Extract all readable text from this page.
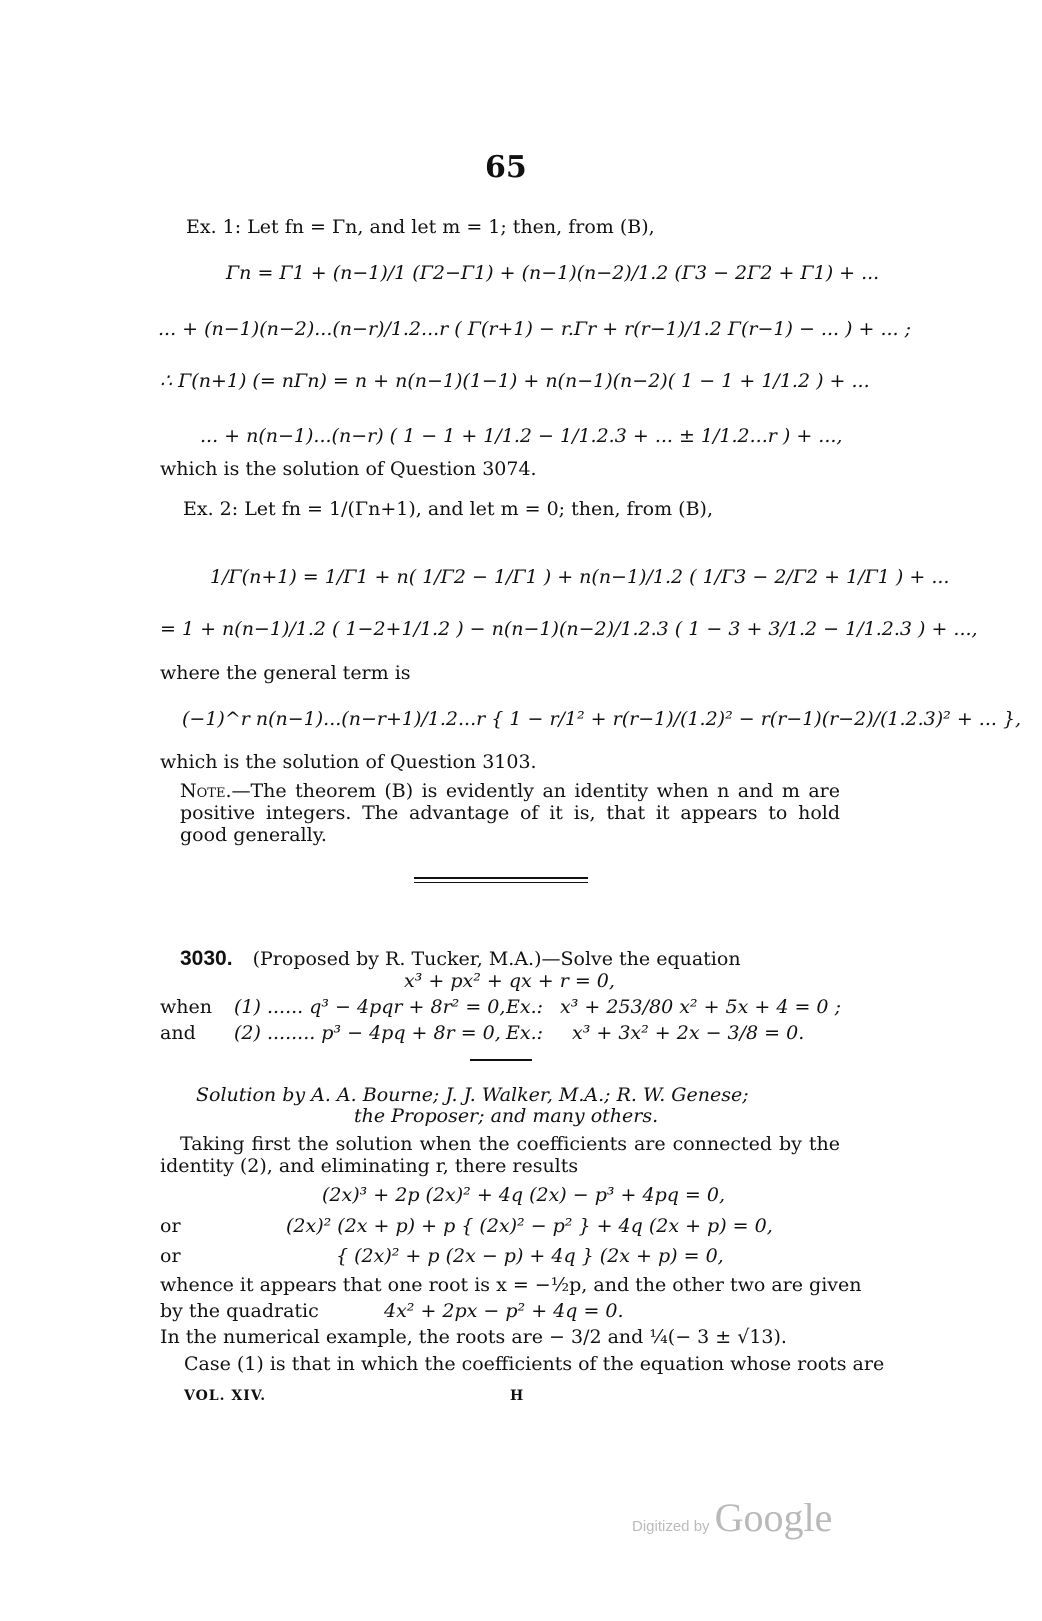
65
Ex. 1: Let fn = Γn, and let m = 1; then, from (B),
Γn = Γ1 + (n−1)/1 (Γ2−Γ1) + (n−1)(n−2)/1.2 (Γ3 − 2Γ2 + Γ1) + ...
... + (n−1)(n−2)...(n−r)/1.2...r ( Γ(r+1) − r.Γr + r(r−1)/1.2 Γ(r−1) − ... ) + ... ;
∴ Γ(n+1) (= nΓn) = n + n(n−1)(1−1) + n(n−1)(n−2)( 1 − 1 + 1/1.2 ) + ...
... + n(n−1)...(n−r) ( 1 − 1 + 1/1.2 − 1/1.2.3 + ... ± 1/1.2...r ) + ...,
which is the solution of Question 3074.
Ex. 2: Let fn = 1/(Γn+1), and let m = 0; then, from (B),
1/Γ(n+1) = 1/Γ1 + n( 1/Γ2 − 1/Γ1 ) + n(n−1)/1.2 ( 1/Γ3 − 2/Γ2 + 1/Γ1 ) + ...
= 1 + n(n−1)/1.2 ( 1−2+1/1.2 ) − n(n−1)(n−2)/1.2.3 ( 1 − 3 + 3/1.2 − 1/1.2.3 ) + ...,
where the general term is
(−1)^r n(n−1)...(n−r+1)/1.2...r { 1 − r/1² + r(r−1)/(1.2)² − r(r−1)(r−2)/(1.2.3)² + ... },
which is the solution of Question 3103.
Note.—The theorem (B) is evidently an identity when n and m are positive integers. The advantage of it is, that it appears to hold good generally.
3030. (Proposed by R. Tucker, M.A.)—Solve the equation
x³ + px² + qx + r = 0,
when (1) ...... q³ − 4pqr + 8r² = 0, Ex.: x³ + 253/80 x² + 5x + 4 = 0 ;
and (2) ........ p³ − 4pq + 8r = 0, Ex.: x³ + 3x² + 2x − 3/8 = 0.
Solution by A. A. Bourne; J. J. Walker, M.A.; R. W. Genese;
the Proposer; and many others.
Taking first the solution when the coefficients are connected by the identity (2), and eliminating r, there results
(2x)³ + 2p (2x)² + 4q (2x) − p³ + 4pq = 0,
or	(2x)² (2x + p) + p { (2x)² − p² } + 4q (2x + p) = 0,
or	{ (2x)² + p (2x − p) + 4q } (2x + p) = 0,
whence it appears that one root is x = −½p, and the other two are given
by the quadratic	4x² + 2px − p² + 4q = 0.
In the numerical example, the roots are − 3/2 and ¼(− 3 ± √13).
Case (1) is that in which the coefficients of the equation whose roots are
VOL. XIV.	H
Digitized by Google
